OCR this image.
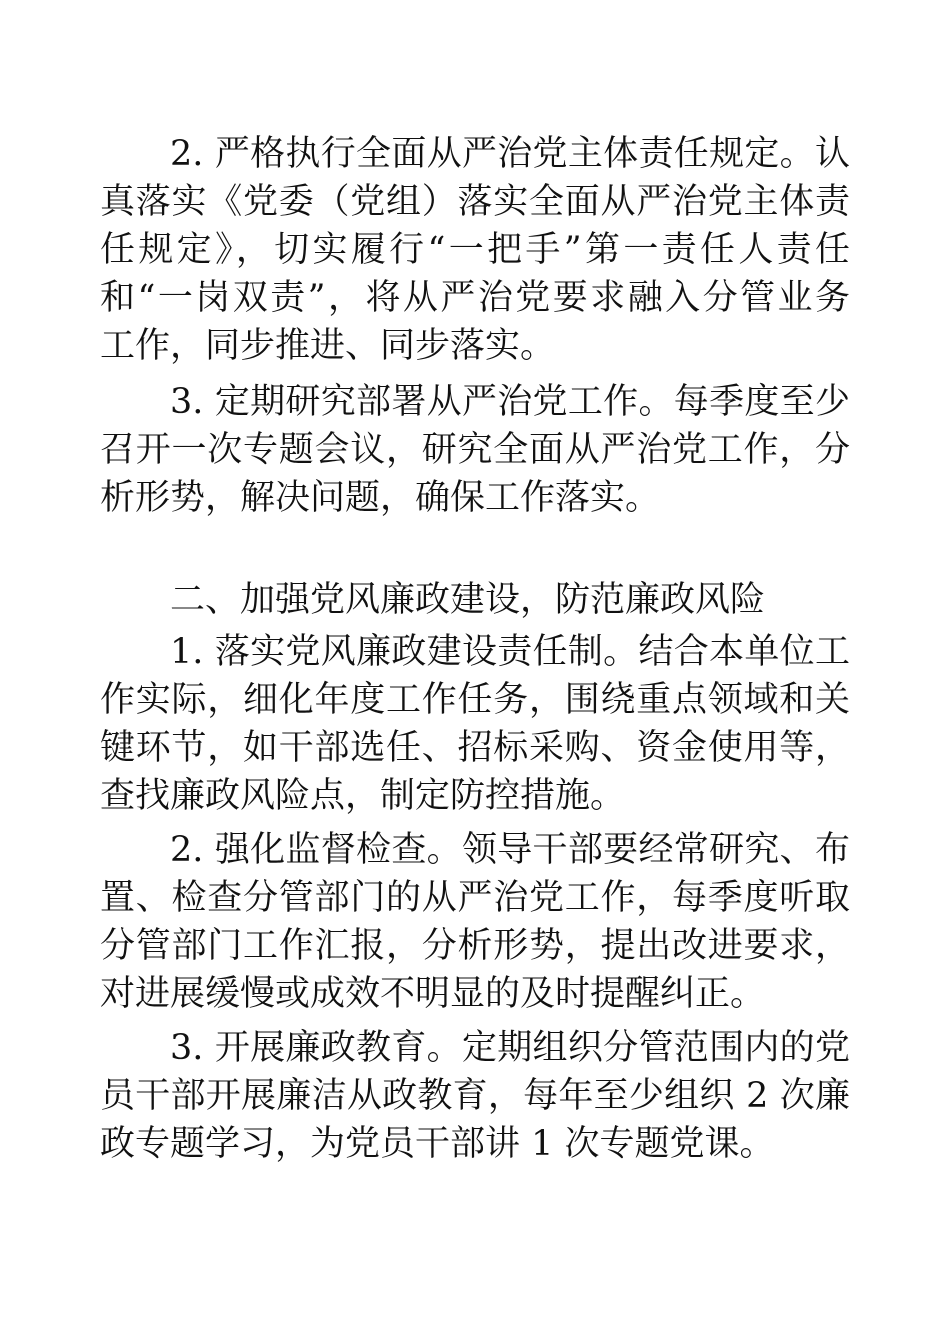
2. 严格执行全面从严治党主体责任规定。认
真落实《党委（党组）落实全面从严治党主体责
任规定》，切实履行“一把手”第一责任人责任
和“一岗双责”，将从严治党要求融入分管业务
工作，同步推进、同步落实。
3. 定期研究部署从严治党工作。每季度至少
召开一次专题会议，研究全面从严治党工作，分
析形势，解决问题，确保工作落实。
二、加强党风廉政建设，防范廉政风险
1. 落实党风廉政建设责任制。结合本单位工
作实际，细化年度工作任务，围绕重点领域和关
键环节，如干部选任、招标采购、资金使用等，
查找廉政风险点，制定防控措施。
2. 强化监督检查。领导干部要经常研究、布
置、检查分管部门的从严治党工作，每季度听取
分管部门工作汇报，分析形势，提出改进要求，
对进展缓慢或成效不明显的及时提醒纠正。
3. 开展廉政教育。定期组织分管范围内的党
员干部开展廉洁从政教育，每年至少组织 2 次廉
政专题学习，为党员干部讲 1 次专题党课。
